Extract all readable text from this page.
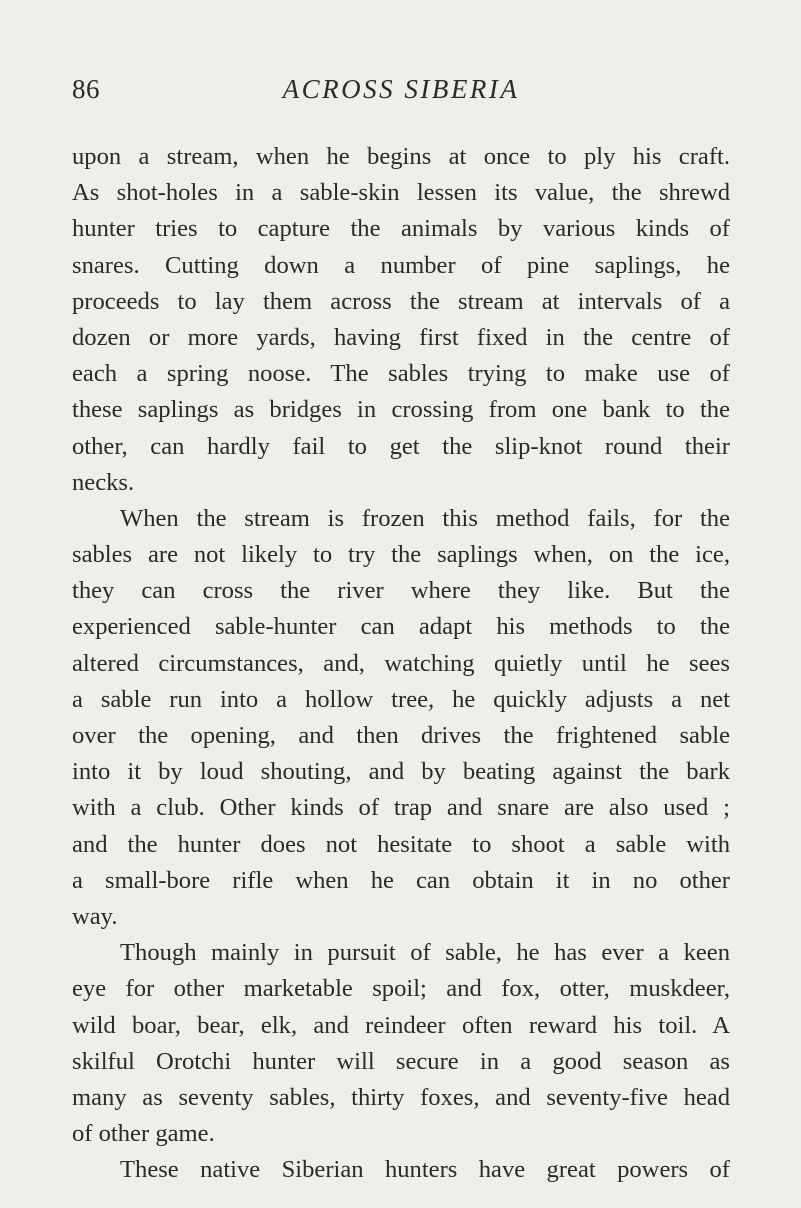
86	ACROSS SIBERIA
upon a stream, when he begins at once to ply his craft.
As shot-holes in a sable-skin lessen its value, the shrewd
hunter tries to capture the animals by various kinds of
snares. Cutting down a number of pine saplings, he
proceeds to lay them across the stream at intervals of a
dozen or more yards, having first fixed in the centre of
each a spring noose. The sables trying to make use of
these saplings as bridges in crossing from one bank to the
other, can hardly fail to get the slip-knot round their
necks.
When the stream is frozen this method fails, for the
sables are not likely to try the saplings when, on the ice,
they can cross the river where they like. But the
experienced sable-hunter can adapt his methods to the
altered circumstances, and, watching quietly until he sees
a sable run into a hollow tree, he quickly adjusts a net
over the opening, and then drives the frightened sable
into it by loud shouting, and by beating against the bark
with a club. Other kinds of trap and snare are also used ;
and the hunter does not hesitate to shoot a sable with
a small-bore rifle when he can obtain it in no other
way.
Though mainly in pursuit of sable, he has ever a keen
eye for other marketable spoil; and fox, otter, muskdeer,
wild boar, bear, elk, and reindeer often reward his toil. A
skilful Orotchi hunter will secure in a good season as
many as seventy sables, thirty foxes, and seventy-five head
of other game.
These native Siberian hunters have great powers of
